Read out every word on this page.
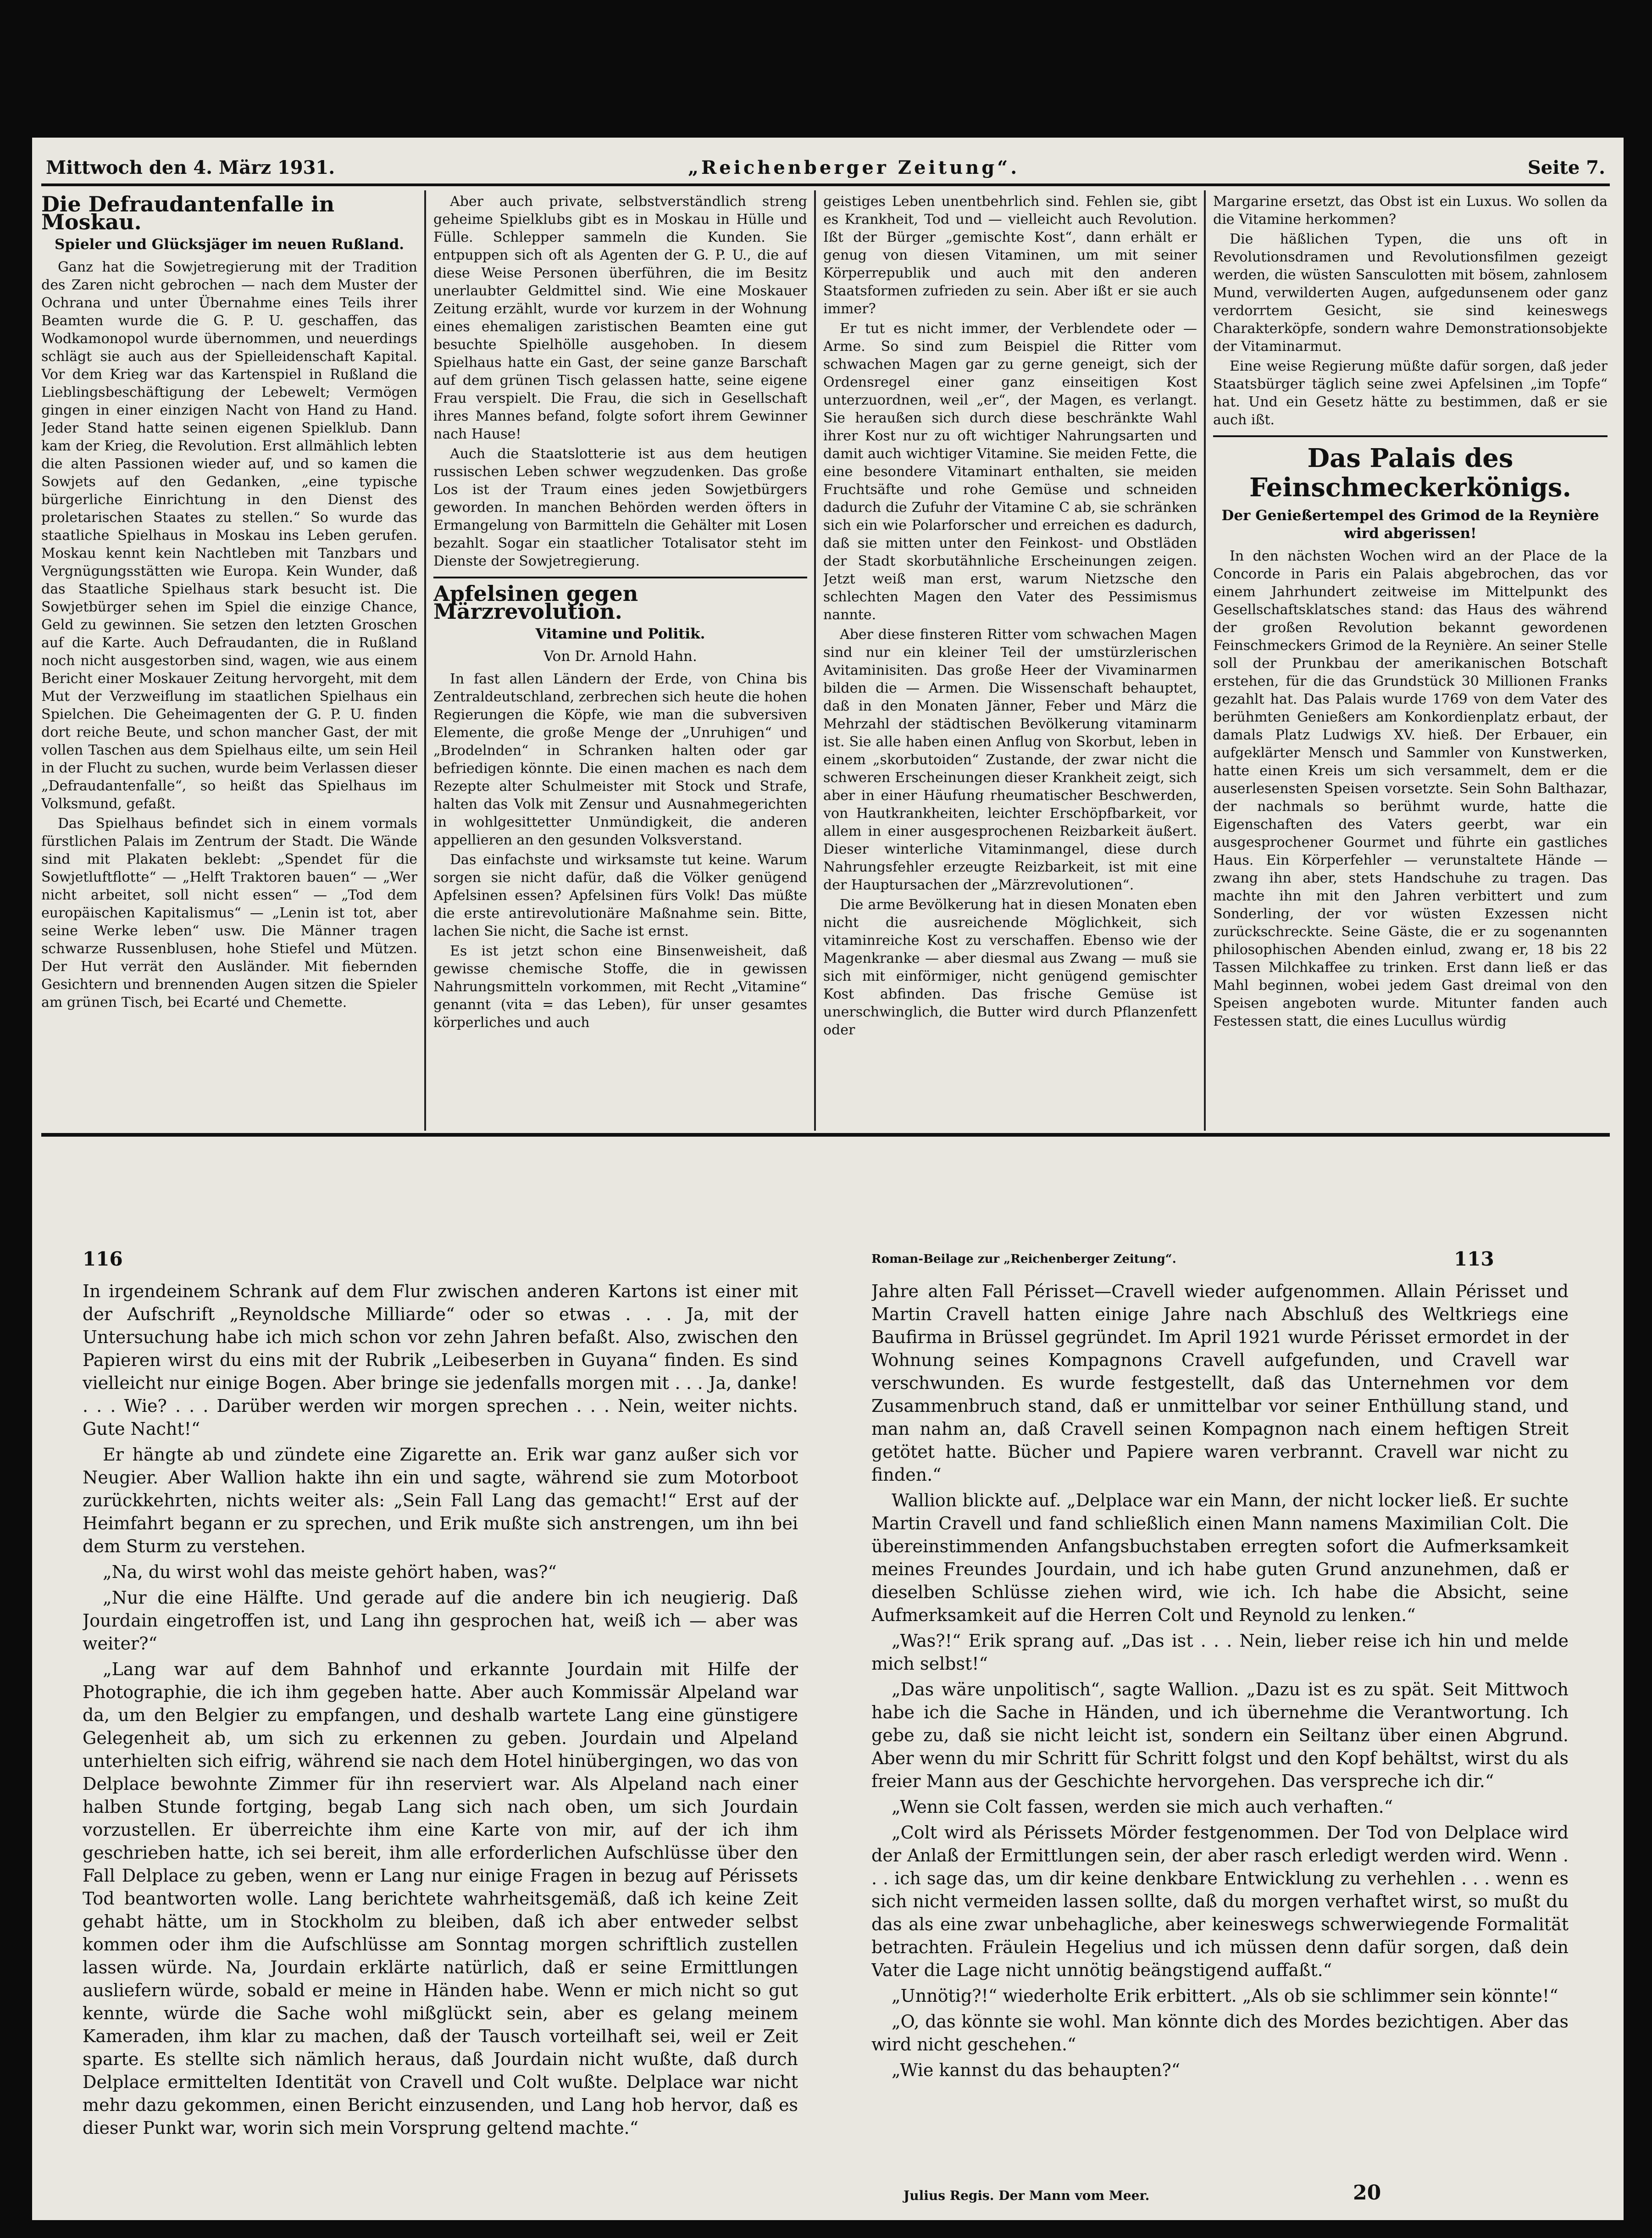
Mittwoch den 4. März 1931.	„Reichenberger Zeitung“.	Seite 7.
Die Defraudantenfalle in Moskau.
Spieler und Glücksjäger im neuen Rußland.

Ganz hat die Sowjetregierung mit der Tradition des Zaren nicht gebrochen — nach dem Muster der Ochrana und unter Übernahme eines Teils ihrer Beamten wurde die G. P. U. geschaffen, das Wodkamonopol wurde übernommen, und neuerdings schlägt sie auch aus der Spielleidenschaft Kapital. Vor dem Krieg war das Kartenspiel in Rußland die Lieblingsbeschäftigung der Lebewelt; Vermögen gingen in einer einzigen Nacht von Hand zu Hand. Jeder Stand hatte seinen eigenen Spielklub. Dann kam der Krieg, die Revolution. Erst allmählich lebten die alten Passionen wieder auf, und so kamen die Sowjets auf den Gedanken, „eine typische bürgerliche Einrichtung in den Dienst des proletarischen Staates zu stellen.“ So wurde das staatliche Spielhaus in Moskau ins Leben gerufen. Moskau kennt kein Nachtleben mit Tanzbars und Vergnügungsstätten wie Europa. Kein Wunder, daß das Staatliche Spielhaus stark besucht ist. Die Sowjetbürger sehen im Spiel die einzige Chance, Geld zu gewinnen. Sie setzen den letzten Groschen auf die Karte. Auch Defraudanten, die in Rußland noch nicht ausgestorben sind, wagen, wie aus einem Bericht einer Moskauer Zeitung hervorgeht, mit dem Mut der Verzweiflung im staatlichen Spielhaus ein Spielchen. Die Geheimagenten der G. P. U. finden dort reiche Beute, und schon mancher Gast, der mit vollen Taschen aus dem Spielhaus eilte, um sein Heil in der Flucht zu suchen, wurde beim Verlassen dieser „Defraudantenfalle“, so heißt das Spielhaus im Volksmund, gefaßt.

Das Spielhaus befindet sich in einem vormals fürstlichen Palais im Zentrum der Stadt. Die Wände sind mit Plakaten beklebt: „Spendet für die Sowjetluftflotte“ — „Helft Traktoren bauen“ — „Wer nicht arbeitet, soll nicht essen“ — „Tod dem europäischen Kapitalismus“ — „Lenin ist tot, aber seine Werke leben“ usw. Die Männer tragen schwarze Russenblusen, hohe Stiefel und Mützen. Der Hut verrät den Ausländer. Mit fiebernden Gesichtern und brennenden Augen sitzen die Spieler am grünen Tisch, bei Ecarté und Chemette.

Aber auch private, selbstverständlich streng geheime Spielklubs gibt es in Moskau in Hülle und Fülle. Schlepper sammeln die Kunden. Sie entpuppen sich oft als Agenten der G. P. U., die auf diese Weise Personen überführen, die im Besitz unerlaubter Geldmittel sind. Wie eine Moskauer Zeitung erzählt, wurde vor kurzem in der Wohnung eines ehemaligen zaristischen Beamten eine gut besuchte Spielhölle ausgehoben. In diesem Spielhaus hatte ein Gast, der seine ganze Barschaft auf dem grünen Tisch gelassen hatte, seine eigene Frau verspielt. Die Frau, die sich in Gesellschaft ihres Mannes befand, folgte sofort ihrem Gewinner nach Hause!

Auch die Staatslotterie ist aus dem heutigen russischen Leben schwer wegzudenken. Das große Los ist der Traum eines jeden Sowjetbürgers geworden. In manchen Behörden werden öfters in Ermangelung von Barmitteln die Gehälter mit Losen bezahlt. Sogar ein staatlicher Totalisator steht im Dienste der Sowjetregierung.

Apfelsinen gegen Märzrevolution.
Vitamine und Politik.
Von Dr. Arnold Hahn.

In fast allen Ländern der Erde, von China bis Zentraldeutschland, zerbrechen sich heute die hohen Regierungen die Köpfe, wie man die subversiven Elemente, die große Menge der „Unruhigen“ und „Brodelnden“ in Schranken halten oder gar befriedigen könnte. Die einen machen es nach dem Rezepte alter Schulmeister mit Stock und Strafe, halten das Volk mit Zensur und Ausnahmegerichten in wohlgesittetter Unmündigkeit, die anderen appellieren an den gesunden Volksverstand.

Das einfachste und wirksamste tut keine. Warum sorgen sie nicht dafür, daß die Völker genügend Apfelsinen essen? Apfelsinen fürs Volk! Das müßte die erste antirevolutionäre Maßnahme sein. Bitte, lachen Sie nicht, die Sache ist ernst.

Es ist jetzt schon eine Binsenweisheit, daß gewisse chemische Stoffe, die in gewissen Nahrungsmitteln vorkommen, mit Recht „Vitamine“ genannt (vita = das Leben), für unser gesamtes körperliches und auch

geistiges Leben unentbehrlich sind. Fehlen sie, gibt es Krankheit, Tod und — vielleicht auch Revolution. Ißt der Bürger „gemischte Kost“, dann erhält er genug von diesen Vitaminen, um mit seiner Körperrepublik und auch mit den anderen Staatsformen zufrieden zu sein. Aber ißt er sie auch immer?

Er tut es nicht immer, der Verblendete oder — Arme. So sind zum Beispiel die Ritter vom schwachen Magen gar zu gerne geneigt, sich der Ordensregel einer ganz einseitigen Kost unterzuordnen, weil „er“, der Magen, es verlangt. Sie heraußen sich durch diese beschränkte Wahl ihrer Kost nur zu oft wichtiger Nahrungsarten und damit auch wichtiger Vitamine. Sie meiden Fette, die eine besondere Vitaminart enthalten, sie meiden Fruchtsäfte und rohe Gemüse und schneiden dadurch die Zufuhr der Vitamine C ab, sie schränken sich ein wie Polarforscher und erreichen es dadurch, daß sie mitten unter den Feinkost- und Obstläden der Stadt skorbutähnliche Erscheinungen zeigen. Jetzt weiß man erst, warum Nietzsche den schlechten Magen den Vater des Pessimismus nannte.

Aber diese finsteren Ritter vom schwachen Magen sind nur ein kleiner Teil der umstürzlerischen Avitaminisiten. Das große Heer der Vivaminarmen bilden die — Armen. Die Wissenschaft behauptet, daß in den Monaten Jänner, Feber und März die Mehrzahl der städtischen Bevölkerung vitaminarm ist. Sie alle haben einen Anflug von Skorbut, leben in einem „skorbutoiden“ Zustande, der zwar nicht die schweren Erscheinungen dieser Krankheit zeigt, sich aber in einer Häufung rheumatischer Beschwerden, von Hautkrankheiten, leichter Erschöpfbarkeit, vor allem in einer ausgesprochenen Reizbarkeit äußert. Dieser winterliche Vitaminmangel, diese durch Nahrungsfehler erzeugte Reizbarkeit, ist mit eine der Hauptursachen der „Märzrevolutionen“.

Die arme Bevölkerung hat in diesen Monaten eben nicht die ausreichende Möglichkeit, sich vitaminreiche Kost zu verschaffen. Ebenso wie der Magenkranke — aber diesmal aus Zwang — muß sie sich mit einförmiger, nicht genügend gemischter Kost abfinden. Das frische Gemüse ist unerschwinglich, die Butter wird durch Pflanzenfett oder

Margarine ersetzt, das Obst ist ein Luxus. Wo sollen da die Vitamine herkommen?

Die häßlichen Typen, die uns oft in Revolutionsdramen und Revolutionsfilmen gezeigt werden, die wüsten Sansculotten mit bösem, zahnlosem Mund, verwilderten Augen, aufgedunsenem oder ganz verdorrtem Gesicht, sie sind keineswegs Charakterköpfe, sondern wahre Demonstrationsobjekte der Vitaminarmut.

Eine weise Regierung müßte dafür sorgen, daß jeder Staatsbürger täglich seine zwei Apfelsinen „im Topfe“ hat. Und ein Gesetz hätte zu bestimmen, daß er sie auch ißt.

Das Palais des Feinschmeckerkönigs.
Der Genießertempel des Grimod de la Reynière wird abgerissen!

In den nächsten Wochen wird an der Place de la Concorde in Paris ein Palais abgebrochen, das vor einem Jahrhundert zeitweise im Mittelpunkt des Gesellschaftsklatsches stand: das Haus des während der großen Revolution bekannt gewordenen Feinschmeckers Grimod de la Reynière. An seiner Stelle soll der Prunkbau der amerikanischen Botschaft erstehen, für die das Grundstück 30 Millionen Franks gezahlt hat. Das Palais wurde 1769 von dem Vater des berühmten Genießers am Konkordienplatz erbaut, der damals Platz Ludwigs XV. hieß. Der Erbauer, ein aufgeklärter Mensch und Sammler von Kunstwerken, hatte einen Kreis um sich versammelt, dem er die auserlesensten Speisen vorsetzte. Sein Sohn Balthazar, der nachmals so berühmt wurde, hatte die Eigenschaften des Vaters geerbt, war ein ausgesprochener Gourmet und führte ein gastliches Haus. Ein Körperfehler — verunstaltete Hände — zwang ihn aber, stets Handschuhe zu tragen. Das machte ihn mit den Jahren verbittert und zum Sonderling, der vor wüsten Exzessen nicht zurückschreckte. Seine Gäste, die er zu sogenannten philosophischen Abenden einlud, zwang er, 18 bis 22 Tassen Milchkaffee zu trinken. Erst dann ließ er das Mahl beginnen, wobei jedem Gast dreimal von den Speisen angeboten wurde. Mitunter fanden auch Festessen statt, die eines Lucullus würdig

116	Roman-Beilage zur „Reichenberger Zeitung“.	113

In irgendeinem Schrank auf dem Flur zwischen anderen Kartons ist einer mit der Aufschrift „Reynoldsche Milliarde“ oder so etwas . . . Ja, mit der Untersuchung habe ich mich schon vor zehn Jahren befaßt. Also, zwischen den Papieren wirst du eins mit der Rubrik „Leibeserben in Guyana“ finden. Es sind vielleicht nur einige Bogen. Aber bringe sie jedenfalls morgen mit . . . Ja, danke! . . . Wie? . . . Darüber werden wir morgen sprechen . . . Nein, weiter nichts. Gute Nacht!“

Er hängte ab und zündete eine Zigarette an. Erik war ganz außer sich vor Neugier. Aber Wallion hakte ihn ein und sagte, während sie zum Motorboot zurückkehrten, nichts weiter als: „Sein Fall Lang das gemacht!“ Erst auf der Heimfahrt begann er zu sprechen, und Erik mußte sich anstrengen, um ihn bei dem Sturm zu verstehen.

„Na, du wirst wohl das meiste gehört haben, was?“

„Nur die eine Hälfte. Und gerade auf die andere bin ich neugierig. Daß Jourdain eingetroffen ist, und Lang ihn gesprochen hat, weiß ich — aber was weiter?“

„Lang war auf dem Bahnhof und erkannte Jourdain mit Hilfe der Photographie, die ich ihm gegeben hatte. Aber auch Kommissär Alpeland war da, um den Belgier zu empfangen, und deshalb wartete Lang eine günstigere Gelegenheit ab, um sich zu erkennen zu geben. Jourdain und Alpeland unterhielten sich eifrig, während sie nach dem Hotel hinübergingen, wo das von Delplace bewohnte Zimmer für ihn reserviert war. Als Alpeland nach einer halben Stunde fortging, begab Lang sich nach oben, um sich Jourdain vorzustellen. Er überreichte ihm eine Karte von mir, auf der ich ihm geschrieben hatte, ich sei bereit, ihm alle erforderlichen Aufschlüsse über den Fall Delplace zu geben, wenn er Lang nur einige Fragen in bezug auf Périssets Tod beantworten wolle. Lang berichtete wahrheitsgemäß, daß ich keine Zeit gehabt hätte, um in Stockholm zu bleiben, daß ich aber entweder selbst kommen oder ihm die Aufschlüsse am Sonntag morgen schriftlich zustellen lassen würde. Na, Jourdain erklärte natürlich, daß er seine Ermittlungen ausliefern würde, sobald er meine in Händen habe. Wenn er mich nicht so gut kennte, würde die Sache wohl mißglückt sein, aber es gelang meinem Kameraden, ihm klar zu machen, daß der Tausch vorteilhaft sei, weil er Zeit sparte. Es stellte sich nämlich heraus, daß Jourdain nicht wußte, daß durch Delplace ermittelten Identität von Cravell und Colt wußte. Delplace war nicht mehr dazu gekommen, einen Bericht einzusenden, und Lang hob hervor, daß es dieser Punkt war, worin sich mein Vorsprung geltend machte.“

Jahre alten Fall Périsset—Cravell wieder aufgenommen. Allain Périsset und Martin Cravell hatten einige Jahre nach Abschluß des Weltkriegs eine Baufirma in Brüssel gegründet. Im April 1921 wurde Périsset ermordet in der Wohnung seines Kompagnons Cravell aufgefunden, und Cravell war verschwunden. Es wurde festgestellt, daß das Unternehmen vor dem Zusammenbruch stand, daß er unmittelbar vor seiner Enthüllung stand, und man nahm an, daß Cravell seinen Kompagnon nach einem heftigen Streit getötet hatte. Bücher und Papiere waren verbrannt. Cravell war nicht zu finden.“

Wallion blickte auf. „Delplace war ein Mann, der nicht locker ließ. Er suchte Martin Cravell und fand schließlich einen Mann namens Maximilian Colt. Die übereinstimmenden Anfangsbuchstaben erregten sofort die Aufmerksamkeit meines Freundes Jourdain, und ich habe guten Grund anzunehmen, daß er dieselben Schlüsse ziehen wird, wie ich. Ich habe die Absicht, seine Aufmerksamkeit auf die Herren Colt und Reynold zu lenken.“

„Was?!“ Erik sprang auf. „Das ist . . . Nein, lieber reise ich hin und melde mich selbst!“

„Das wäre unpolitisch“, sagte Wallion. „Dazu ist es zu spät. Seit Mittwoch habe ich die Sache in Händen, und ich übernehme die Verantwortung. Ich gebe zu, daß sie nicht leicht ist, sondern ein Seiltanz über einen Abgrund. Aber wenn du mir Schritt für Schritt folgst und den Kopf behältst, wirst du als freier Mann aus der Geschichte hervorgehen. Das verspreche ich dir.“

„Wenn sie Colt fassen, werden sie mich auch verhaften.“

„Colt wird als Périssets Mörder festgenommen. Der Tod von Delplace wird der Anlaß der Ermittlungen sein, der aber rasch erledigt werden wird. Wenn . . . ich sage das, um dir keine denkbare Entwicklung zu verhehlen . . . wenn es sich nicht vermeiden lassen sollte, daß du morgen verhaftet wirst, so mußt du das als eine zwar unbehagliche, aber keineswegs schwerwiegende Formalität betrachten. Fräulein Hegelius und ich müssen denn dafür sorgen, daß dein Vater die Lage nicht unnötig beängstigend auffaßt.“

„Unnötig?!“ wiederholte Erik erbittert. „Als ob sie schlimmer sein könnte!“

„O, das könnte sie wohl. Man könnte dich des Mordes bezichtigen. Aber das wird nicht geschehen.“

„Wie kannst du das behaupten?“

Julius Regis. Der Mann vom Meer.	20
